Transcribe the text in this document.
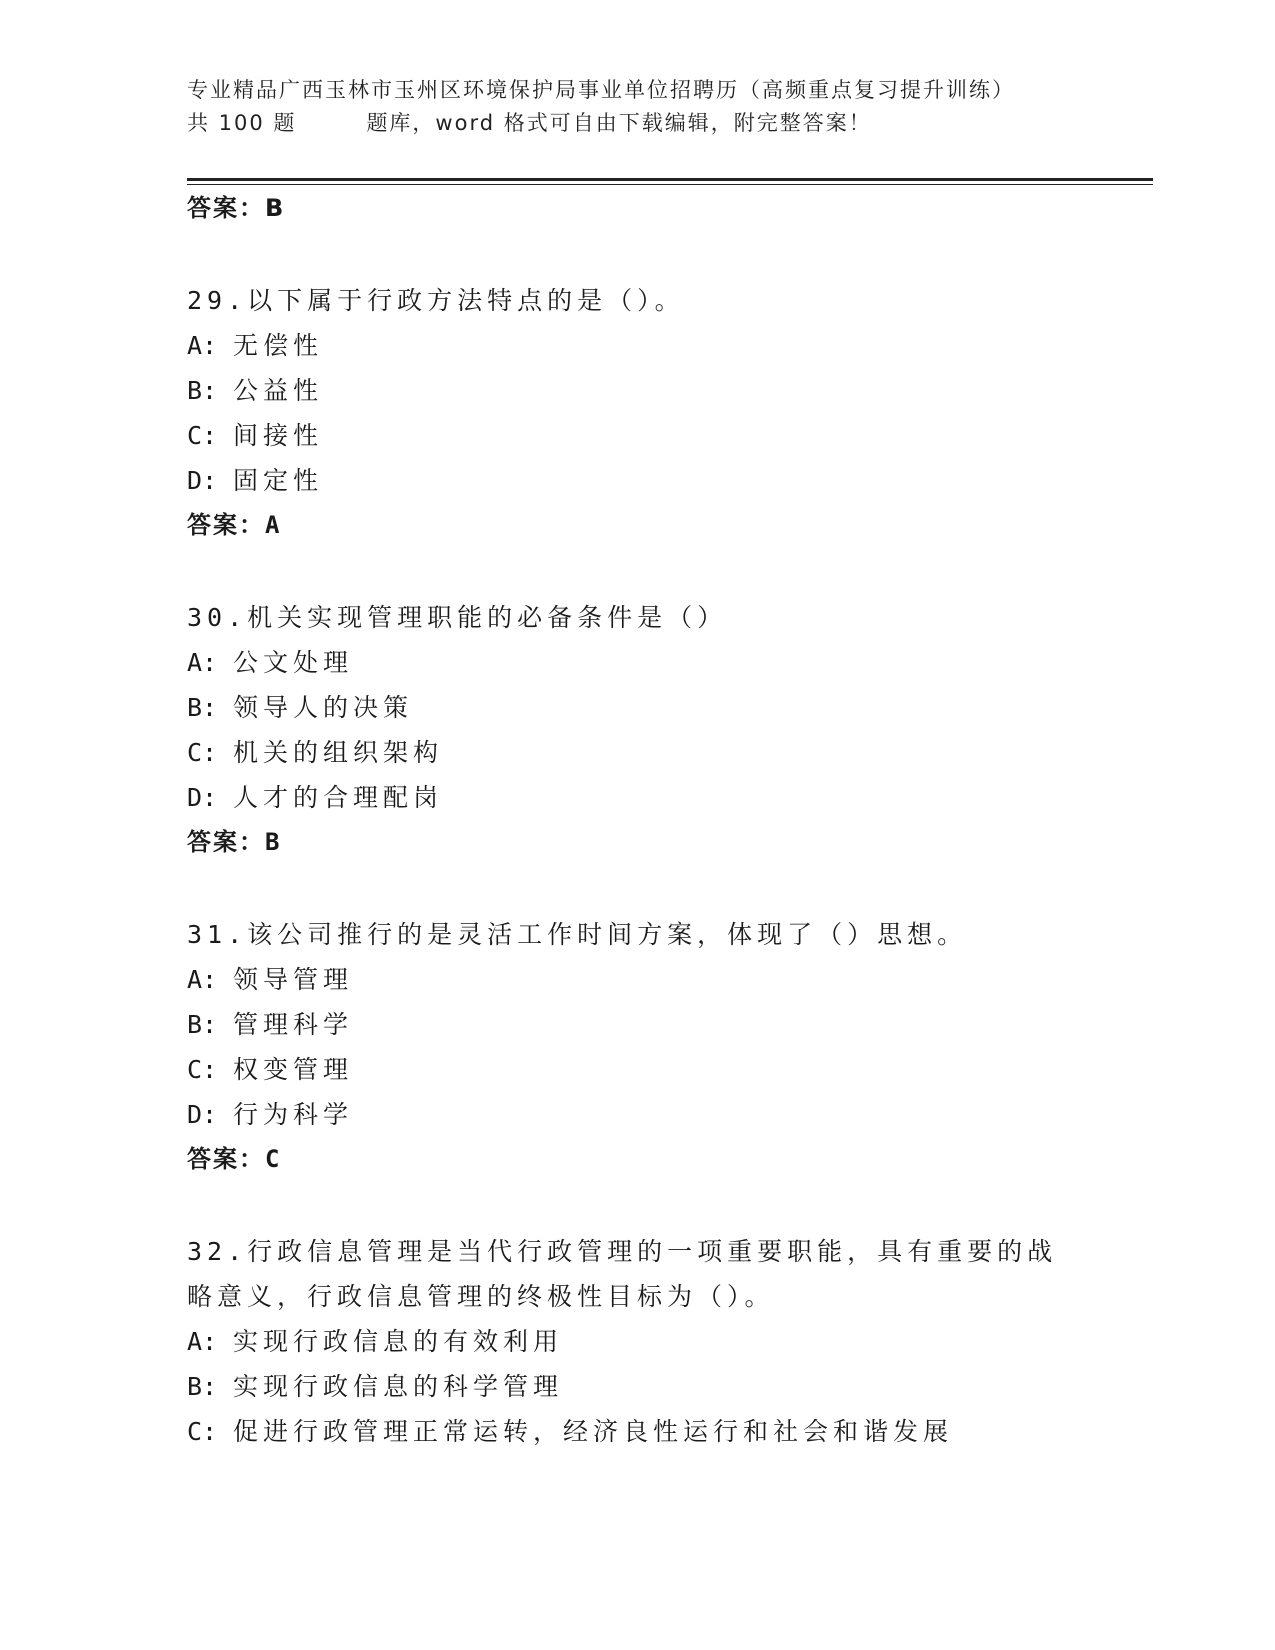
专业精品广西玉林市玉州区环境保护局事业单位招聘历（高频重点复习提升训练）
共 100 题	题库，word 格式可自由下载编辑，附完整答案！

答案：B

29.以下属于行政方法特点的是（）。

A: 无偿性

B: 公益性

C: 间接性

D: 固定性

答案：A

30.机关实现管理职能的必备条件是（）

A: 公文处理

B: 领导人的决策

C: 机关的组织架构

D: 人才的合理配岗

答案：B

31.该公司推行的是灵活工作时间方案，体现了（）思想。

A: 领导管理

B: 管理科学

C: 权变管理

D: 行为科学

答案：C

32.行政信息管理是当代行政管理的一项重要职能，具有重要的战略意义，行政信息管理的终极性目标为（）。

A: 实现行政信息的有效利用

B: 实现行政信息的科学管理

C: 促进行政管理正常运转，经济良性运行和社会和谐发展
